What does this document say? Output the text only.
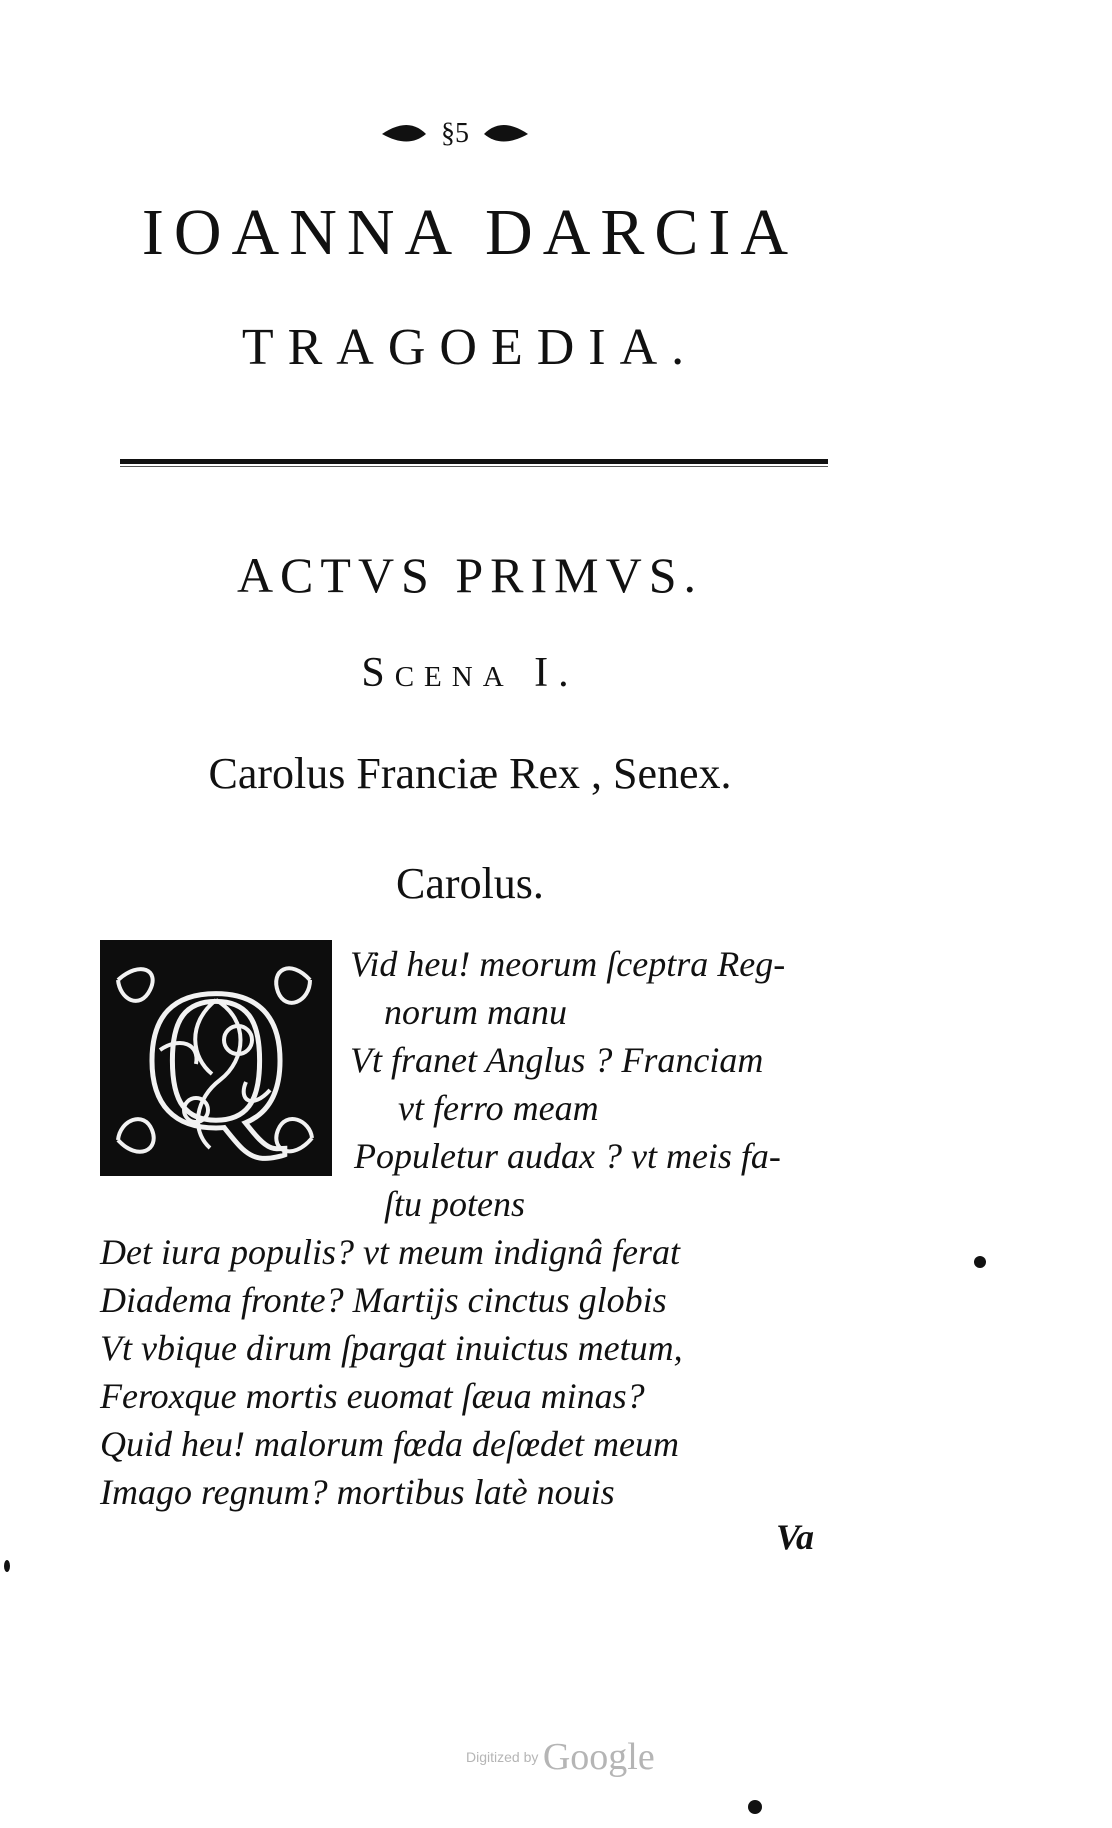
§5
IOANNA DARCIA
TRAGOEDIA.
ACTVS PRIMVS.
Scena I.
Carolus Franciæ Rex , Senex.
Carolus.
Q Vid heu! meorum ſceptra Reg-
norum manu
Vt franet Anglus ? Franciam
vt ferro meam
Populetur audax ? vt meis fa-
ſtu potens
Det iura populis? vt meum indignâ ferat
Diadema fronte? Martijs cinctus globis
Vt vbique dirum ſpargat inuictus metum,
Feroxque mortis euomat ſæua minas?
Quid heu! malorum fœda deſœdet meum
Imago regnum? mortibus latè nouis
Va
Digitized by Google
